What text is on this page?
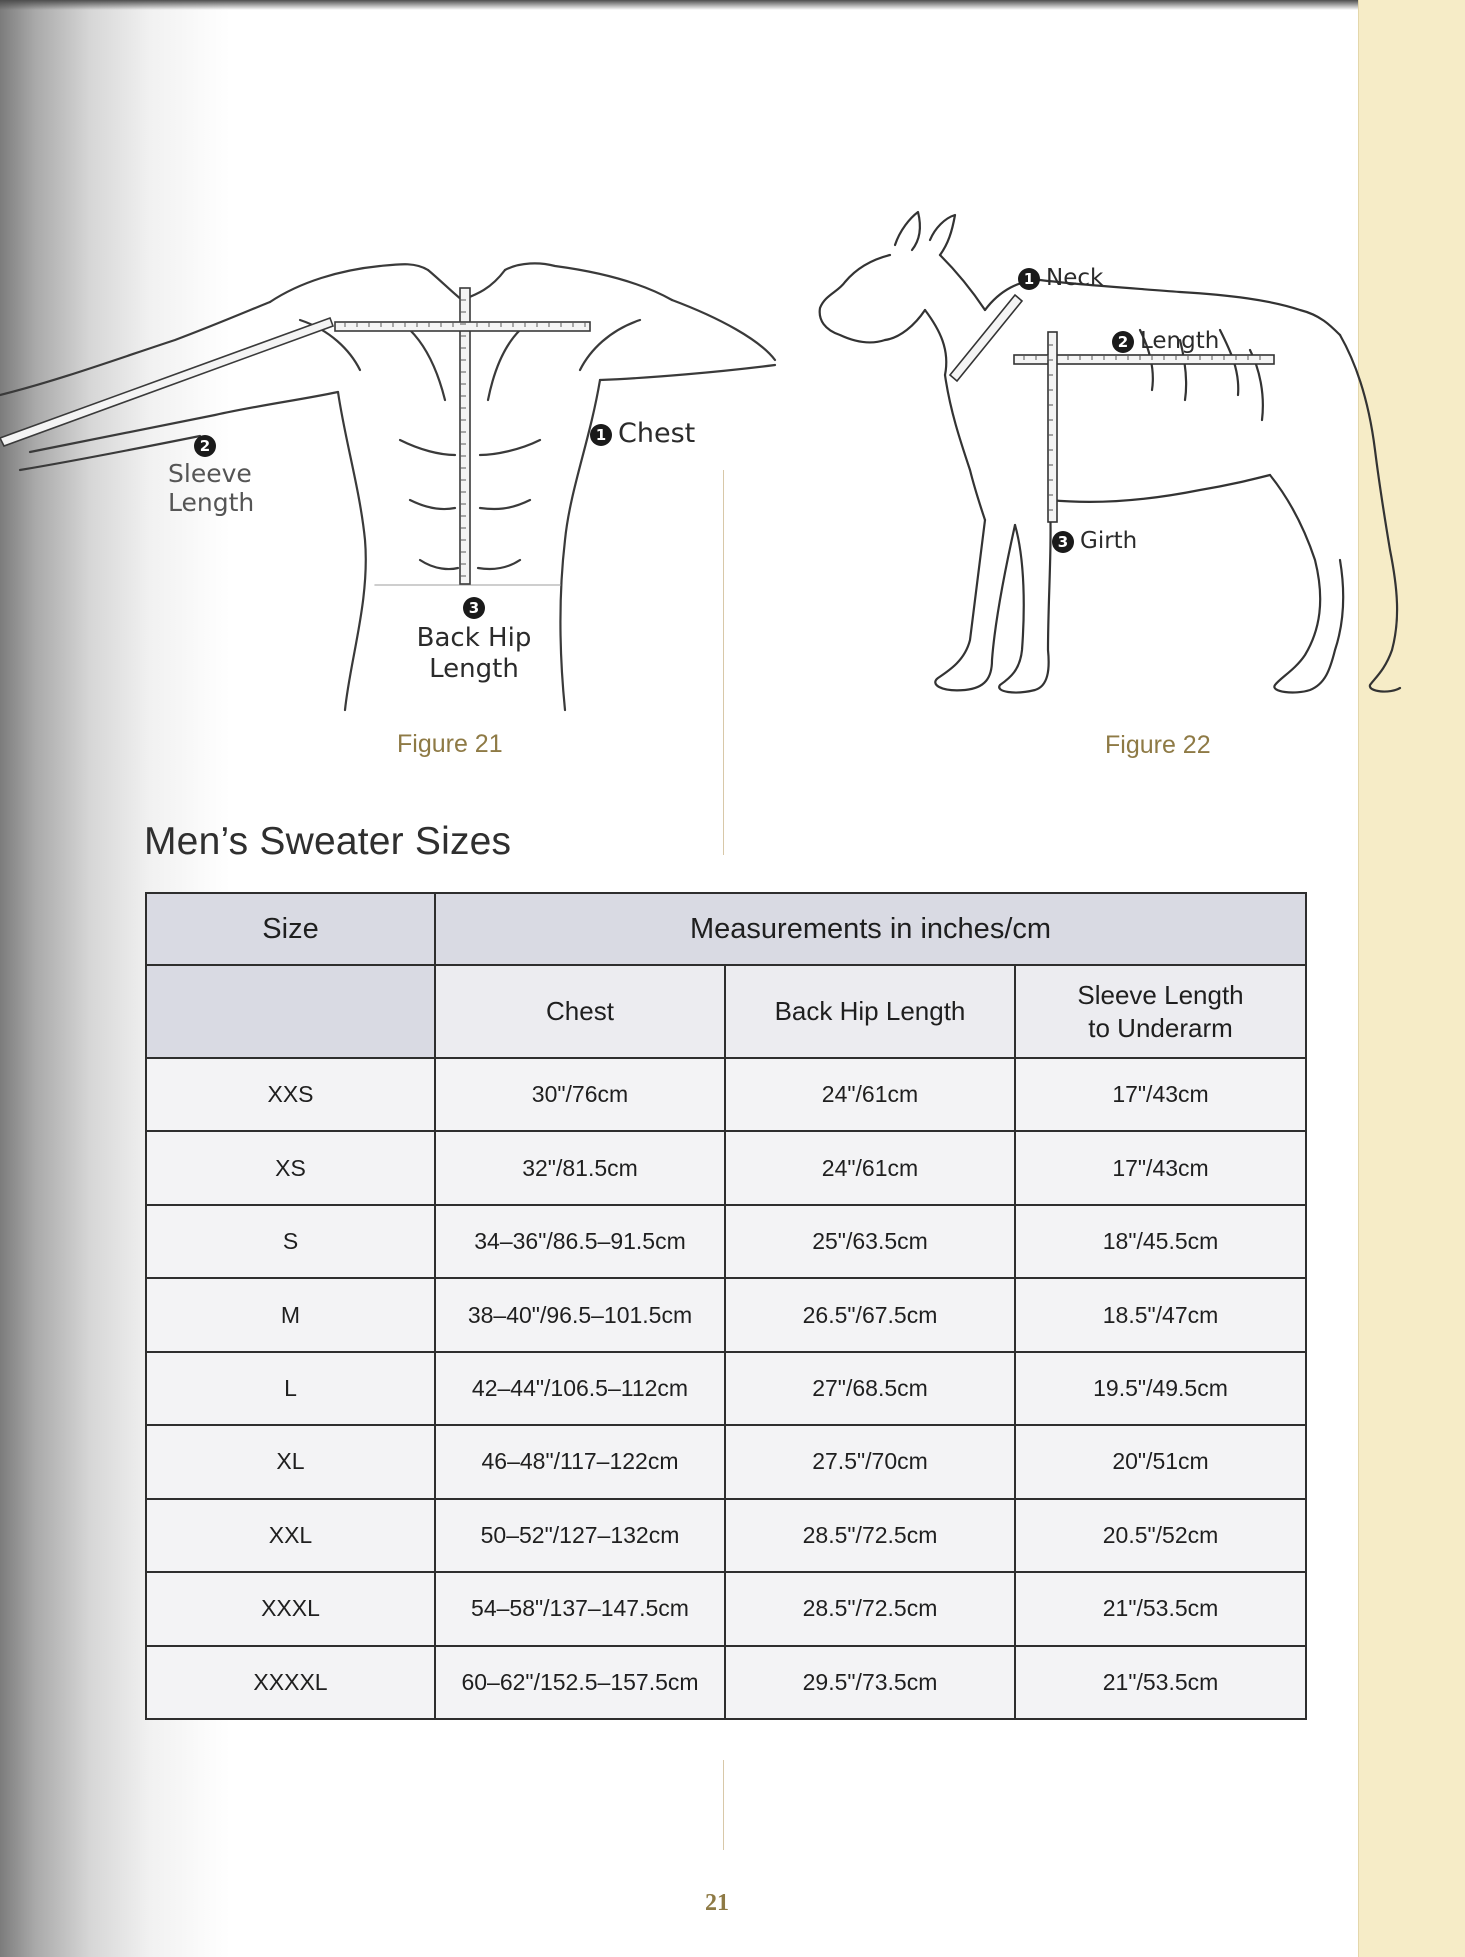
1 Chest
2
Sleeve
Length
3
Back Hip
Length
Figure 21
1 Neck
2 Length
3 Girth
Figure 22
Men’s Sweater Sizes
Size	Measurements in inches/cm		
	Chest	Back Hip Length	Sleeve Length
to Underarm
XXS	30"/76cm	24"/61cm	17"/43cm
XS	32"/81.5cm	24"/61cm	17"/43cm
S	34–36"/86.5–91.5cm	25"/63.5cm	18"/45.5cm
M	38–40"/96.5–101.5cm	26.5"/67.5cm	18.5"/47cm
L	42–44"/106.5–112cm	27"/68.5cm	19.5"/49.5cm
XL	46–48"/117–122cm	27.5"/70cm	20"/51cm
XXL	50–52"/127–132cm	28.5"/72.5cm	20.5"/52cm
XXXL	54–58"/137–147.5cm	28.5"/72.5cm	21"/53.5cm
XXXXL	60–62"/152.5–157.5cm	29.5"/73.5cm	21"/53.5cm
21
